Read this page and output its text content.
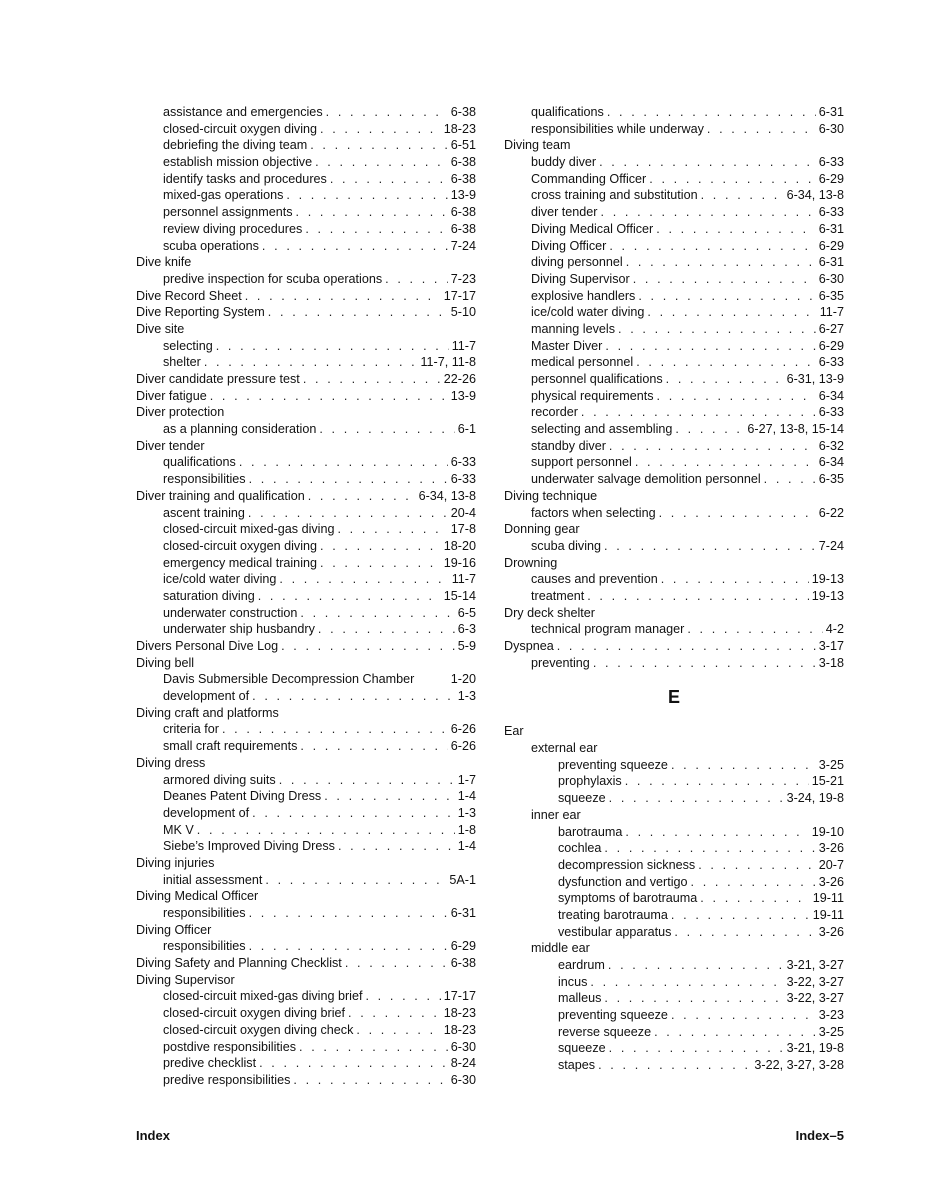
assistance and emergencies . . .	6-38
closed-circuit oxygen diving . . .	18-23
debriefing the diving team . . .	6-51
establish mission objective . . .	6-38
identify tasks and procedures . . .	6-38
mixed-gas operations . . .	13-9
personnel assignments . . .	6-38
review diving procedures . . .	6-38
scuba operations . . .	7-24
Dive knife
predive inspection for scuba operations . . .	7-23
Dive Record Sheet . . .	17-17
Dive Reporting System . . .	5-10
Dive site
selecting . . .	11-7
shelter . . .	11-7, 11-8
Diver candidate pressure test . . .	22-26
Diver fatigue . . .	13-9
Diver protection
as a planning consideration . . .	6-1
Diver tender
qualifications . . .	6-33
responsibilities . . .	6-33
Diver training and qualification . . .	6-34, 13-8
ascent training . . .	20-4
closed-circuit mixed-gas diving . . .	17-8
closed-circuit oxygen diving . . .	18-20
emergency medical training . . .	19-16
ice/cold water diving . . .	11-7
saturation diving . . .	15-14
underwater construction . . .	6-5
underwater ship husbandry . . .	6-3
Divers Personal Dive Log . . .	5-9
Diving bell
Davis Submersible Decompression Chamber	1-20
development of . . .	1-3
Diving craft and platforms
criteria for . . .	6-26
small craft requirements . . .	6-26
Diving dress
armored diving suits . . .	1-7
Deanes Patent Diving Dress . . .	1-4
development of . . .	1-3
MK V . . .	1-8
Siebe’s Improved Diving Dress . . .	1-4
Diving injuries
initial assessment . . .	5A-1
Diving Medical Officer
responsibilities . . .	6-31
Diving Officer
responsibilities . . .	6-29
Diving Safety and Planning Checklist . . .	6-38
Diving Supervisor
closed-circuit mixed-gas diving brief . . .	17-17
closed-circuit oxygen diving brief . . .	18-23
closed-circuit oxygen diving check . . .	18-23
postdive responsibilities . . .	6-30
predive checklist . . .	8-24
predive responsibilities . . .	6-30
qualifications . . .	6-31
responsibilities while underway . . .	6-30
Diving team
buddy diver . . .	6-33
Commanding Officer . . .	6-29
cross training and substitution . . .	6-34, 13-8
diver tender . . .	6-33
Diving Medical Officer . . .	6-31
Diving Officer . . .	6-29
diving personnel . . .	6-31
Diving Supervisor . . .	6-30
explosive handlers . . .	6-35
ice/cold water diving . . .	11-7
manning levels . . .	6-27
Master Diver . . .	6-29
medical personnel . . .	6-33
personnel qualifications . . .	6-31, 13-9
physical requirements . . .	6-34
recorder . . .	6-33
selecting and assembling . . .	6-27, 13-8, 15-14
standby diver . . .	6-32
support personnel . . .	6-34
underwater salvage demolition personnel . . .	6-35
Diving technique
factors when selecting . . .	6-22
Donning gear
scuba diving . . .	7-24
Drowning
causes and prevention . . .	19-13
treatment . . .	19-13
Dry deck shelter
technical program manager . . .	4-2
Dyspnea . . .	3-17
preventing . . .	3-18
E
Ear
external ear
preventing squeeze . . .	3-25
prophylaxis . . .	15-21
squeeze . . .	3-24, 19-8
inner ear
barotrauma . . .	19-10
cochlea . . .	3-26
decompression sickness . . .	20-7
dysfunction and vertigo . . .	3-26
symptoms of barotrauma . . .	19-11
treating barotrauma . . .	19-11
vestibular apparatus . . .	3-26
middle ear
eardrum . . .	3-21, 3-27
incus . . .	3-22, 3-27
malleus . . .	3-22, 3-27
preventing squeeze . . .	3-23
reverse squeeze . . .	3-25
squeeze . . .	3-21, 19-8
stapes . . .	3-22, 3-27, 3-28
Index	Index–5
